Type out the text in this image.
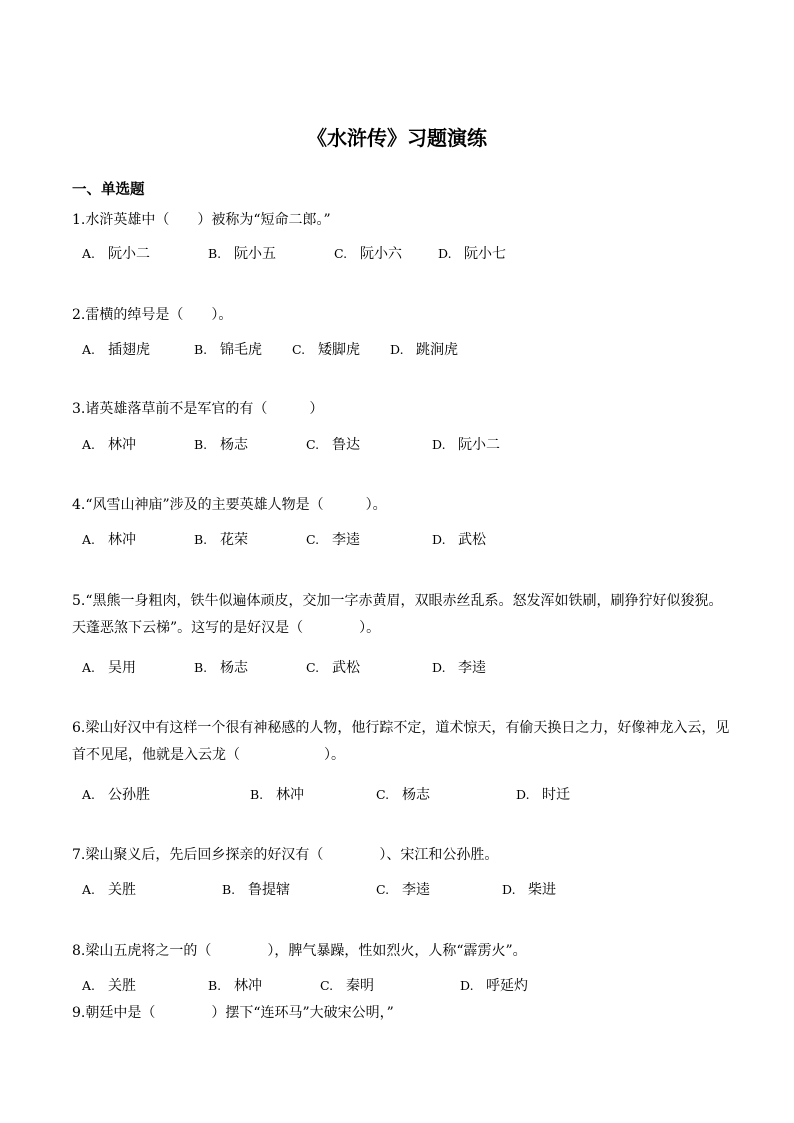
《水浒传》习题演练
一、单选题
1.水浒英雄中（　　）被称为“短命二郎。”
A. 阮小二	B. 阮小五	C. 阮小六	D. 阮小七
2.雷横的绰号是（　　）。
A. 插翅虎	B. 锦毛虎 C. 矮脚虎 D. 跳涧虎
3.诸英雄落草前不是军官的有（　　　）
A. 林冲	B. 杨志	C. 鲁达	D. 阮小二
4.“风雪山神庙”涉及的主要英雄人物是（　　　）。
A. 林冲	B. 花荣	C. 李逵	D. 武松
5.“黑熊一身粗肉，铁牛似遍体顽皮，交加一字赤黄眉，双眼赤丝乱系。怒发浑如铁刷，刷狰狞好似狻猊。天蓬恶煞下云梯”。这写的是好汉是（　　　　）。
A. 吴用	B. 杨志	C. 武松	D. 李逵
6.梁山好汉中有这样一个很有神秘感的人物，他行踪不定，道术惊天，有偷天换日之力，好像神龙入云，见首不见尾，他就是入云龙（　　　　　　）。
A. 公孙胜	B. 林冲	C. 杨志	D. 时迁
7.梁山聚义后，先后回乡探亲的好汉有（　　　　）、宋江和公孙胜。
A. 关胜	B. 鲁提辖	C. 李逵	D. 柴进
8.梁山五虎将之一的（　　　　），脾气暴躁，性如烈火，人称“霹雳火”。
A. 关胜	B. 林冲	C. 秦明	D. 呼延灼
9.朝廷中是（　　　　）摆下“连环马”大破宋公明，”
